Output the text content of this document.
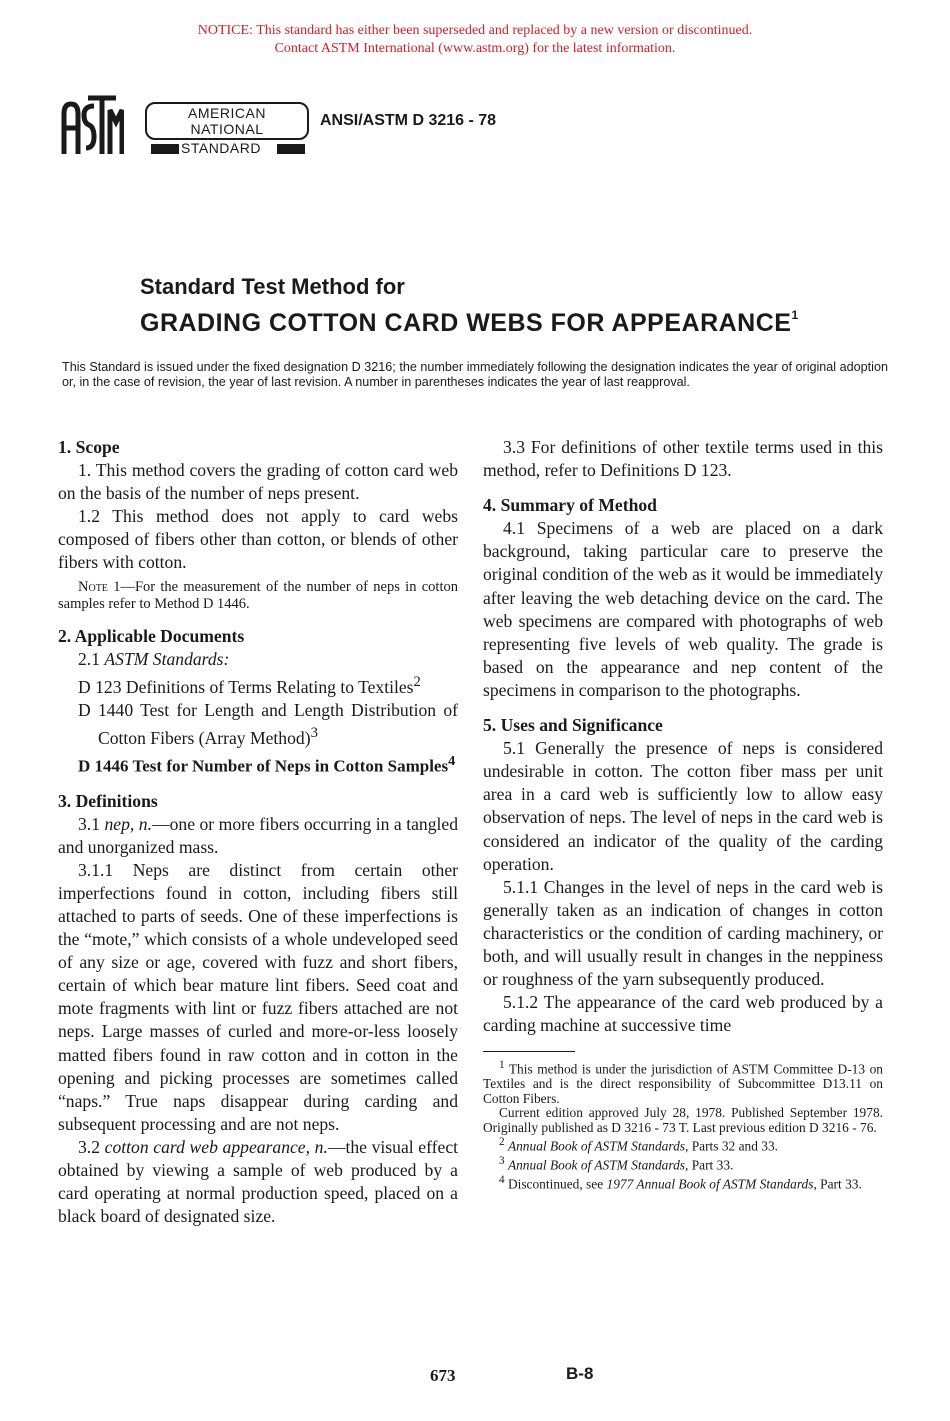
NOTICE: This standard has either been superseded and replaced by a new version or discontinued.
Contact ASTM International (www.astm.org) for the latest information.
AMERICAN NATIONAL
STANDARD
ANSI/ASTM D 3216 - 78
Standard Test Method for
GRADING COTTON CARD WEBS FOR APPEARANCE$^1$
This Standard is issued under the fixed designation D 3216; the number immediately following the designation indicates the year of original adoption or, in the case of revision, the year of last revision. A number in parentheses indicates the year of last reapproval.
1. Scope

1. This method covers the grading of cotton card web on the basis of the number of neps present.

1.2 This method does not apply to card webs composed of fibers other than cotton, or blends of other fibers with cotton.

Note 1—For the measurement of the number of neps in cotton samples refer to Method D 1446.

2. Applicable Documents

2.1 ASTM Standards:

D 123 Definitions of Terms Relating to Textiles$^2$

D 1440 Test for Length and Length Distribution of Cotton Fibers (Array Method)$^3$

D 1446 Test for Number of Neps in Cotton Samples$^4$

3. Definitions

3.1 nep, n.—one or more fibers occurring in a tangled and unorganized mass.

3.1.1 Neps are distinct from certain other imperfections found in cotton, including fibers still attached to parts of seeds. One of these imperfections is the “mote,” which consists of a whole undeveloped seed of any size or age, covered with fuzz and short fibers, certain of which bear mature lint fibers. Seed coat and mote fragments with lint or fuzz fibers attached are not neps. Large masses of curled and more-or-less loosely matted fibers found in raw cotton and in cotton in the opening and picking processes are sometimes called “naps.” True naps disappear during carding and subsequent processing and are not neps.

3.2 cotton card web appearance, n.—the visual effect obtained by viewing a sample of web produced by a card operating at normal production speed, placed on a black board of designated size.

3.3 For definitions of other textile terms used in this method, refer to Definitions D 123.

4. Summary of Method

4.1 Specimens of a web are placed on a dark background, taking particular care to preserve the original condition of the web as it would be immediately after leaving the web detaching device on the card. The web specimens are compared with photographs of web representing five levels of web quality. The grade is based on the appearance and nep content of the specimens in comparison to the photographs.

5. Uses and Significance

5.1 Generally the presence of neps is considered undesirable in cotton. The cotton fiber mass per unit area in a card web is sufficiently low to allow easy observation of neps. The level of neps in the card web is considered an indicator of the quality of the carding operation.

5.1.1 Changes in the level of neps in the card web is generally taken as an indication of changes in cotton characteristics or the condition of carding machinery, or both, and will usually result in changes in the neppiness or roughness of the yarn subsequently produced.

5.1.2 The appearance of the card web produced by a carding machine at successive time

$^1$ This method is under the jurisdiction of ASTM Committee D-13 on Textiles and is the direct responsibility of Subcommittee D13.11 on Cotton Fibers.

Current edition approved July 28, 1978. Published September 1978. Originally published as D 3216 - 73 T. Last previous edition D 3216 - 76.

$^2$ Annual Book of ASTM Standards, Parts 32 and 33.

$^3$ Annual Book of ASTM Standards, Part 33.

$^4$ Discontinued, see 1977 Annual Book of ASTM Standards, Part 33.

673	B-8
